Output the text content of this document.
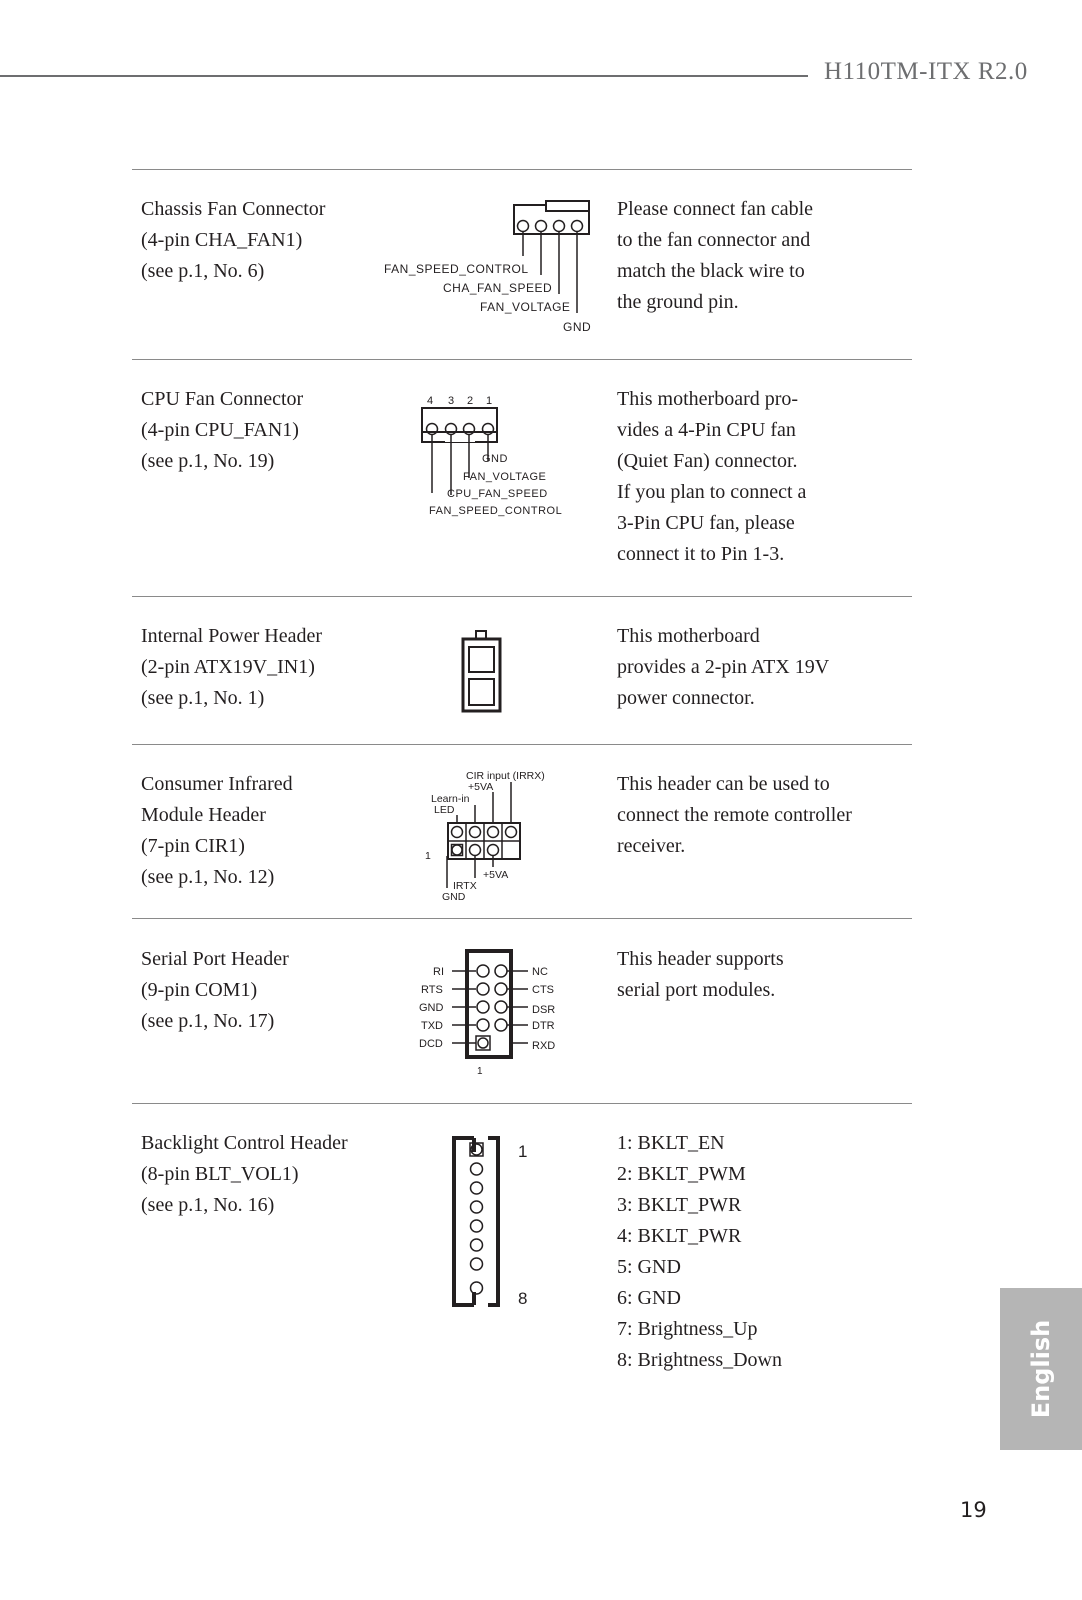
H110TM-ITX R2.0
Chassis Fan Connector
(4-pin CHA_FAN1)
(see p.1, No. 6)
Please connect fan cable
to the fan connector and
match the black wire to
the ground pin.
FAN_SPEED_CONTROL
CHA_FAN_SPEED
FAN_VOLTAGE
GND
CPU Fan Connector
(4-pin CPU_FAN1)
(see p.1, No. 19)
This motherboard pro-
vides a 4-Pin CPU fan
(Quiet Fan) connector.
If you plan to connect a
3-Pin CPU fan, please
connect it to Pin 1-3.
4 3 2 1
GND
FAN_VOLTAGE
CPU_FAN_SPEED
FAN_SPEED_CONTROL
Internal Power Header
(2-pin ATX19V_IN1)
(see p.1, No. 1)
This motherboard
provides a 2-pin ATX 19V
power connector.
Consumer Infrared
Module Header
(7-pin CIR1)
(see p.1, No. 12)
This header can be used to
connect the remote controller
receiver.
CIR input (IRRX)
+5VA
Learn-in
LED
1
+5VA
IRTX
GND
Serial Port Header
(9-pin COM1)
(see p.1, No. 17)
This header supports
serial port modules.
RI
RTS
GND
TXD
DCD
NC
CTS
DSR
DTR
RXD
1
Backlight Control Header
(8-pin BLT_VOL1)
(see p.1, No. 16)
1: BKLT_EN
2: BKLT_PWM
3: BKLT_PWR
4: BKLT_PWR
5: GND
6: GND
7: Brightness_Up
8: Brightness_Down
1
8
English
19
